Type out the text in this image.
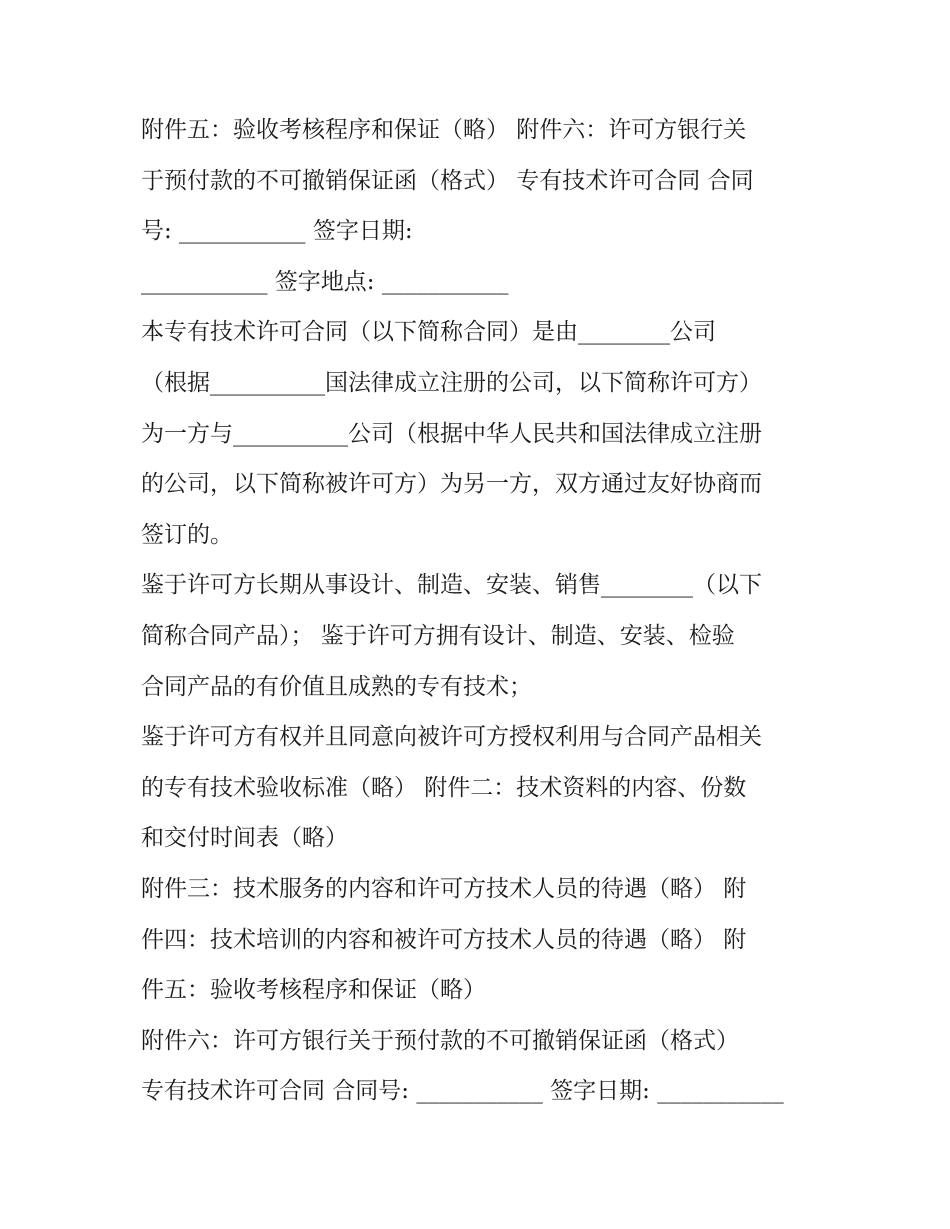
附件五：验收考核程序和保证（略） 附件六：许可方银行关
于预付款的不可撤销保证函（格式） 专有技术许可合同 合同
号: ___________ 签字日期:
___________ 签字地点: ___________
本专有技术许可合同（以下简称合同）是由________公司
（根据__________国法律成立注册的公司，以下简称许可方）
为一方与__________公司（根据中华人民共和国法律成立注册
的公司，以下简称被许可方）为另一方，双方通过友好协商而
签订的。
鉴于许可方长期从事设计、制造、安装、销售________（以下
简称合同产品）； 鉴于许可方拥有设计、制造、安装、检验
合同产品的有价值且成熟的专有技术；
鉴于许可方有权并且同意向被许可方授权利用与合同产品相关
的专有技术验收标准（略） 附件二：技术资料的内容、份数
和交付时间表（略）
附件三：技术服务的内容和许可方技术人员的待遇（略） 附
件四：技术培训的内容和被许可方技术人员的待遇（略） 附
件五：验收考核程序和保证（略）
附件六：许可方银行关于预付款的不可撤销保证函（格式）
专有技术许可合同 合同号: ___________ 签字日期: ___________
